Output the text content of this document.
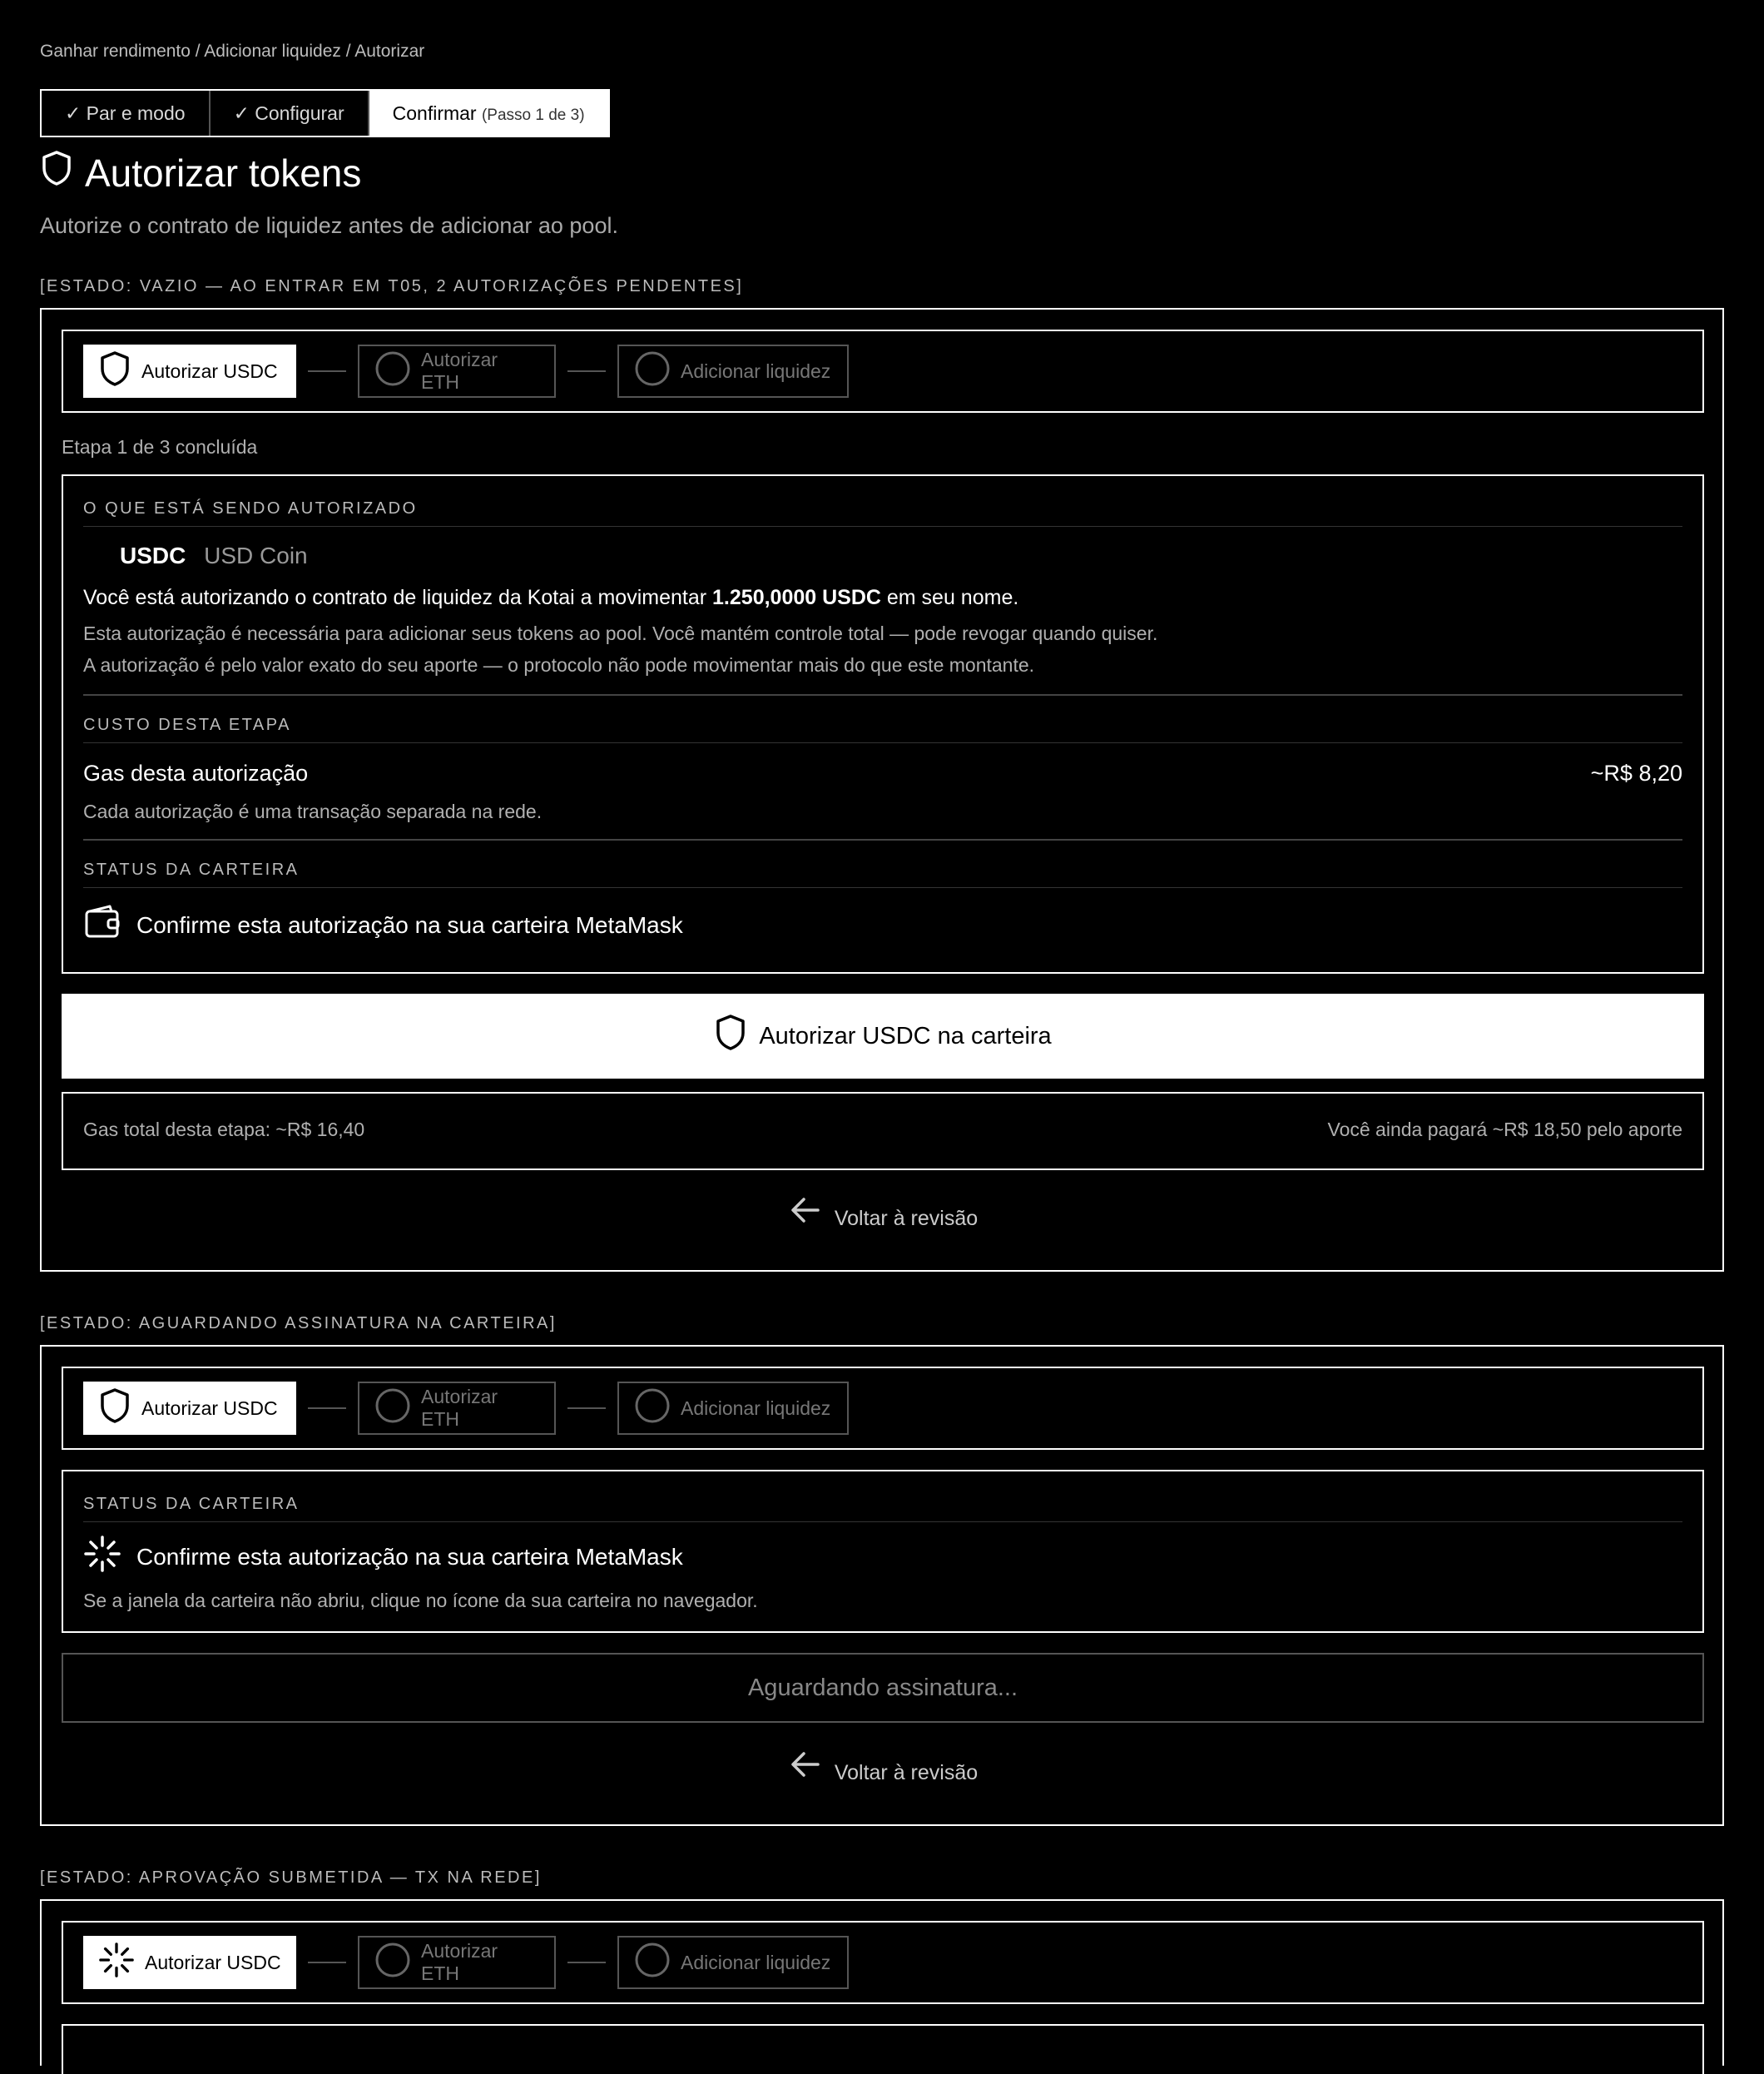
Ganhar rendimento / Adicionar liquidez / Autorizar
✓ Par e modo	✓ Configurar	Confirmar (Passo 1 de 3)
Autorizar tokens
Autorize o contrato de liquidez antes de adicionar ao pool.
[ESTADO: VAZIO — AO ENTRAR EM T05, 2 AUTORIZAÇÕES PENDENTES]
Autorizar USDC
Autorizar ETH
Adicionar liquidez
Etapa 1 de 3 concluída
O QUE ESTÁ SENDO AUTORIZADO
USDC USD Coin
Você está autorizando o contrato de liquidez da Kotai a movimentar 1.250,0000 USDC em seu nome.
Esta autorização é necessária para adicionar seus tokens ao pool. Você mantém controle total — pode revogar quando quiser.
A autorização é pelo valor exato do seu aporte — o protocolo não pode movimentar mais do que este montante.
CUSTO DESTA ETAPA
Gas desta autorização	~R$ 8,20
Cada autorização é uma transação separada na rede.
STATUS DA CARTEIRA
Confirme esta autorização na sua carteira MetaMask
Autorizar USDC na carteira
Gas total desta etapa: ~R$ 16,40	Você ainda pagará ~R$ 18,50 pelo aporte
Voltar à revisão
[ESTADO: AGUARDANDO ASSINATURA NA CARTEIRA]
Autorizar USDC
Autorizar ETH
Adicionar liquidez
STATUS DA CARTEIRA
Confirme esta autorização na sua carteira MetaMask
Se a janela da carteira não abriu, clique no ícone da sua carteira no navegador.
Aguardando assinatura...
Voltar à revisão
[ESTADO: APROVAÇÃO SUBMETIDA — TX NA REDE]
Autorizar USDC
Autorizar ETH
Adicionar liquidez
